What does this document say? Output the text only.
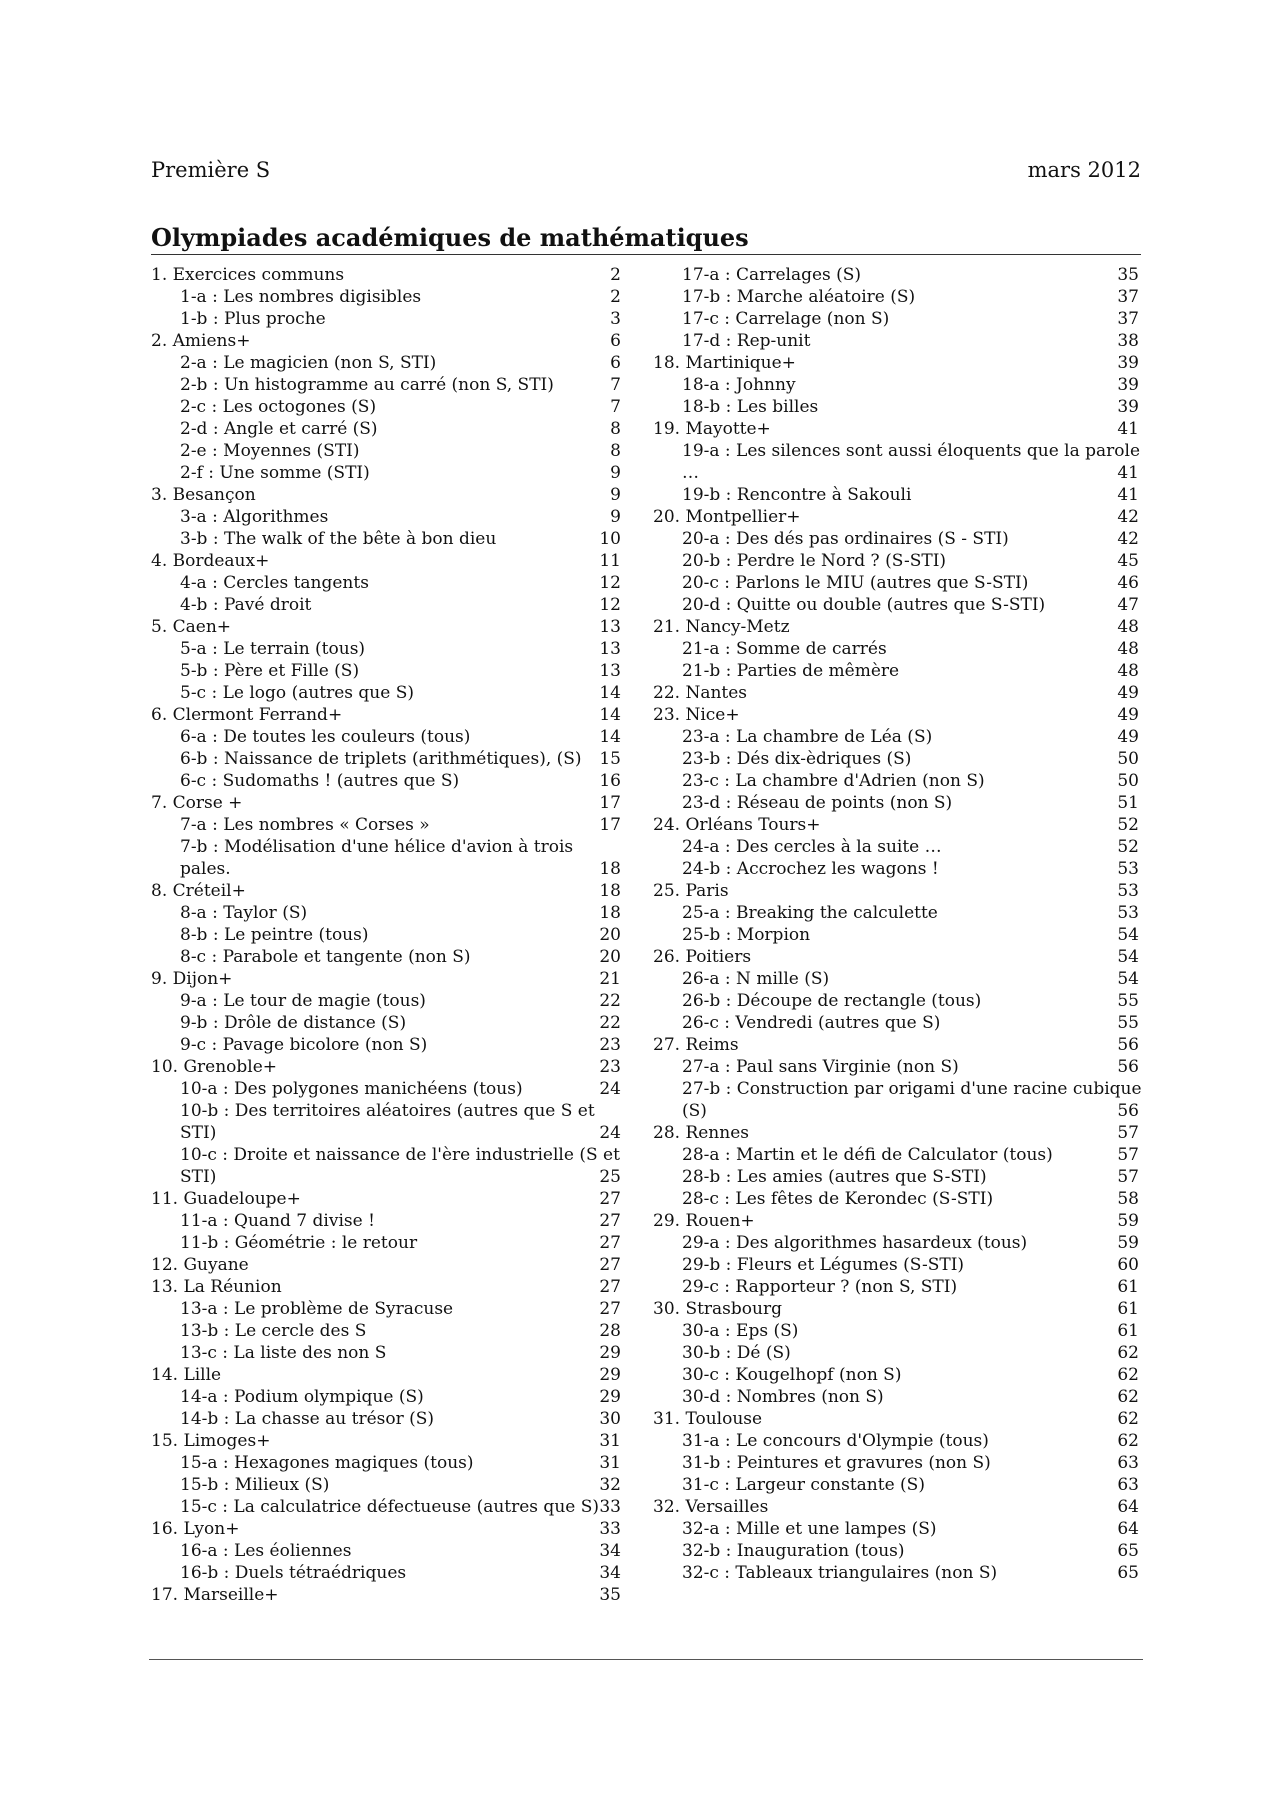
Première S	mars 2012
Olympiades académiques de mathématiques
1. Exercices communs	2
1-a : Les nombres digisibles	2
1-b : Plus proche	3
2. Amiens+	6
2-a : Le magicien (non S, STI)	6
2-b : Un histogramme au carré (non S, STI)	7
2-c : Les octogones (S)	7
2-d : Angle et carré (S)	8
2-e : Moyennes (STI)	8
2-f : Une somme (STI)	9
3. Besançon	9
3-a : Algorithmes	9
3-b : The walk of the bête à bon dieu	10
4. Bordeaux+	11
4-a : Cercles tangents	12
4-b : Pavé droit	12
5. Caen+	13
5-a : Le terrain (tous)	13
5-b : Père et Fille (S)	13
5-c : Le logo (autres que S)	14
6. Clermont Ferrand+	14
6-a : De toutes les couleurs (tous)	14
6-b : Naissance de triplets (arithmétiques), (S) 15
6-c : Sudomaths ! (autres que S)	16
7. Corse +	17
7-a : Les nombres « Corses »	17
7-b : Modélisation d'une hélice d'avion à trois pales.	18
8. Créteil+	18
8-a : Taylor (S)	18
8-b : Le peintre (tous)	20
8-c : Parabole et tangente (non S)	20
9. Dijon+	21
9-a : Le tour de magie (tous)	22
9-b : Drôle de distance (S)	22
9-c : Pavage bicolore (non S)	23
10. Grenoble+	23
10-a : Des polygones manichéens (tous)	24
10-b : Des territoires aléatoires (autres que S et STI)	24
10-c : Droite et naissance de l'ère industrielle (S et STI)	25
11. Guadeloupe+	27
11-a : Quand 7 divise !	27
11-b : Géométrie : le retour	27
12. Guyane	27
13. La Réunion	27
13-a : Le problème de Syracuse	27
13-b : Le cercle des S	28
13-c : La liste des non S	29
14. Lille	29
14-a : Podium olympique (S)	29
14-b : La chasse au trésor (S)	30
15. Limoges+	31
15-a : Hexagones magiques (tous)	31
15-b : Milieux (S)	32
15-c : La calculatrice défectueuse (autres que S) 33
16. Lyon+	33
16-a : Les éoliennes	34
16-b : Duels tétraédriques	34
17. Marseille+	35
17-a : Carrelages (S)	35
17-b : Marche aléatoire (S)	37
17-c : Carrelage (non S)	37
17-d : Rep-unit	38
18. Martinique+	39
18-a : Johnny	39
18-b : Les billes	39
19. Mayotte+	41
19-a : Les silences sont aussi éloquents que la parole …	41
19-b : Rencontre à Sakouli	41
20. Montpellier+	42
20-a : Des dés pas ordinaires (S - STI)	42
20-b : Perdre le Nord ? (S-STI)	45
20-c : Parlons le MIU (autres que S-STI)	46
20-d : Quitte ou double (autres que S-STI)	47
21. Nancy-Metz	48
21-a : Somme de carrés	48
21-b : Parties de mêmère	48
22. Nantes	49
23. Nice+	49
23-a : La chambre de Léa (S)	49
23-b : Dés dix-èdriques (S)	50
23-c : La chambre d'Adrien (non S)	50
23-d : Réseau de points (non S)	51
24. Orléans Tours+	52
24-a : Des cercles à la suite …	52
24-b : Accrochez les wagons !	53
25. Paris	53
25-a : Breaking the calculette	53
25-b : Morpion	54
26. Poitiers	54
26-a : N mille (S)	54
26-b : Découpe de rectangle (tous)	55
26-c : Vendredi (autres que S)	55
27. Reims	56
27-a : Paul sans Virginie (non S)	56
27-b : Construction par origami d'une racine cubique (S)	56
28. Rennes	57
28-a : Martin et le défi de Calculator (tous)	57
28-b : Les amies (autres que S-STI)	57
28-c : Les fêtes de Kerondec (S-STI)	58
29. Rouen+	59
29-a : Des algorithmes hasardeux (tous)	59
29-b : Fleurs et Légumes (S-STI)	60
29-c : Rapporteur ? (non S, STI)	61
30. Strasbourg	61
30-a : Eps (S)	61
30-b : Dé (S)	62
30-c : Kougelhopf (non S)	62
30-d : Nombres (non S)	62
31. Toulouse	62
31-a : Le concours d'Olympie (tous)	62
31-b : Peintures et gravures (non S)	63
31-c : Largeur constante (S)	63
32. Versailles	64
32-a : Mille et une lampes (S)	64
32-b : Inauguration (tous)	65
32-c : Tableaux triangulaires (non S)	65
